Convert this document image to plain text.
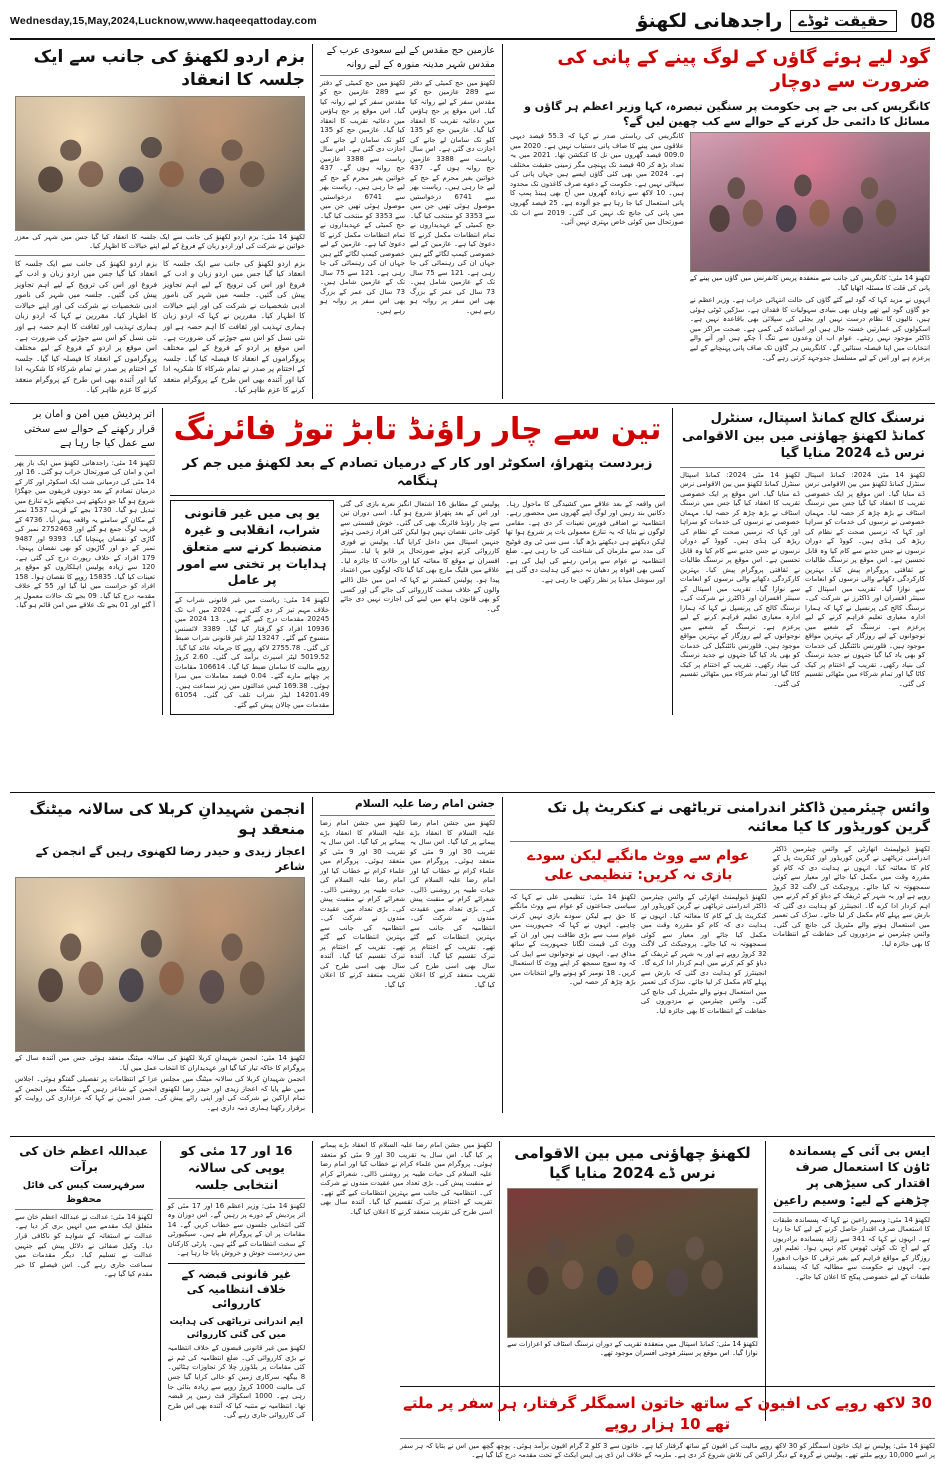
Wednesday,15,May,2024,Lucknow,www.haqeeqattoday.com	08
حقیقت ٹوڈے
راجدھانی لکھنؤ
بزم اردو لکھنؤ کی جانب سے ایک جلسہ کا انعقاد
لکھنؤ 14 مئی: بزم اردو لکھنؤ کی جانب سے ایک جلسہ کا انعقاد کیا گیا جس میں شہر کی معزز خواتین نے شرکت کی اور اردو زبان کے فروغ کے لیے اپنے خیالات کا اظہار کیا۔
بزم اردو لکھنؤ کی جانب سے ایک جلسہ کا انعقاد کیا گیا جس میں اردو زبان و ادب کے فروغ اور اس کی ترویج کے لیے اہم تجاویز پیش کی گئیں۔ جلسہ میں شہر کی نامور ادبی شخصیات نے شرکت کی اور اپنے خیالات کا اظہار کیا۔ مقررین نے کہا کہ اردو زبان ہماری تہذیب اور ثقافت کا اہم حصہ ہے اور نئی نسل کو اس سے جوڑنے کی ضرورت ہے۔ اس موقع پر اردو کے فروغ کے لیے مختلف پروگراموں کے انعقاد کا فیصلہ کیا گیا۔ جلسہ کے اختتام پر صدر نے تمام شرکاء کا شکریہ ادا کیا اور آئندہ بھی اس طرح کے پروگرام منعقد کرنے کا عزم ظاہر کیا۔
بزم اردو لکھنؤ کی جانب سے ایک جلسہ کا انعقاد کیا گیا جس میں اردو زبان و ادب کے فروغ اور اس کی ترویج کے لیے اہم تجاویز پیش کی گئیں۔ جلسہ میں شہر کی نامور ادبی شخصیات نے شرکت کی اور اپنے خیالات کا اظہار کیا۔ مقررین نے کہا کہ اردو زبان ہماری تہذیب اور ثقافت کا اہم حصہ ہے اور نئی نسل کو اس سے جوڑنے کی ضرورت ہے۔ اس موقع پر اردو کے فروغ کے لیے مختلف پروگراموں کے انعقاد کا فیصلہ کیا گیا۔ جلسہ کے اختتام پر صدر نے تمام شرکاء کا شکریہ ادا کیا اور آئندہ بھی اس طرح کے پروگرام منعقد کرنے کا عزم ظاہر کیا۔
عازمین حج مقدس کے لیے سعودی عرب کے مقدس شہر مدینہ منورہ کے لیے روانہ
لکھنؤ میں حج کمیٹی کے دفتر سے 289 عازمین حج کو مقدس سفر کے لیے روانہ کیا گیا۔ اس موقع پر حج ہاؤس میں دعائیہ تقریب کا انعقاد کیا گیا۔ عازمین حج کو 135 کلو تک سامان لے جانے کی اجازت دی گئی ہے۔ اس سال ریاست سے 3388 عازمین حج روانہ ہوں گے۔ 437 خواتین بغیر محرم کے حج کے لیے جا رہی ہیں۔ ریاست بھر سے 6741 درخواستیں موصول ہوئی تھیں جن میں سے 3353 کو منتخب کیا گیا۔ حج کمیٹی کے عہدیداروں نے تمام انتظامات مکمل کرنے کا دعویٰ کیا ہے۔ عازمین کے لیے خصوصی کیمپ لگائے گئے ہیں جہاں ان کی رہنمائی کی جا رہی ہے۔ 121 سے 75 سال تک کے عازمین شامل ہیں۔ 73 سال کی عمر کے بزرگ بھی اس سفر پر روانہ ہو رہے ہیں۔
لکھنؤ میں حج کمیٹی کے دفتر سے 289 عازمین حج کو مقدس سفر کے لیے روانہ کیا گیا۔ اس موقع پر حج ہاؤس میں دعائیہ تقریب کا انعقاد کیا گیا۔ عازمین حج کو 135 کلو تک سامان لے جانے کی اجازت دی گئی ہے۔ اس سال ریاست سے 3388 عازمین حج روانہ ہوں گے۔ 437 خواتین بغیر محرم کے حج کے لیے جا رہی ہیں۔ ریاست بھر سے 6741 درخواستیں موصول ہوئی تھیں جن میں سے 3353 کو منتخب کیا گیا۔ حج کمیٹی کے عہدیداروں نے تمام انتظامات مکمل کرنے کا دعویٰ کیا ہے۔ عازمین کے لیے خصوصی کیمپ لگائے گئے ہیں جہاں ان کی رہنمائی کی جا رہی ہے۔ 121 سے 75 سال تک کے عازمین شامل ہیں۔ 73 سال کی عمر کے بزرگ بھی اس سفر پر روانہ ہو رہے ہیں۔
گود لیے ہوئے گاؤں کے لوگ پینے کے پانی کی ضرورت سے دوچار
کانگریس کی بی جے پی حکومت پر سنگین تبصرہ، کہا وزیر اعظم ہر گاؤں و مسائل کا دائمی حل کرنے کے حوالے سے کب چھین لیں گے؟
کانگریس کی ریاستی صدر نے کہا کہ 55.3 فیصد دیہی علاقوں میں پینے کا صاف پانی دستیاب نہیں ہے۔ 2020 میں 009.0 فیصد گھروں میں نل کا کنکشن تھا۔ 2021 میں یہ تعداد بڑھ کر 40 فیصد تک پہنچی مگر زمینی حقیقت مختلف ہے۔ 2024 میں بھی کئی گاؤں ایسے ہیں جہاں پانی کی سپلائی نہیں ہے۔ حکومت کے دعوے صرف کاغذوں تک محدود ہیں۔ 10 لاکھ سے زیادہ گھروں میں آج بھی ہینڈ پمپ کا پانی استعمال کیا جا رہا ہے جو آلودہ ہے۔ 25 فیصد گھروں میں پانی کی جانچ تک نہیں کی گئی۔ 2019 سے اب تک صورتحال میں کوئی خاص بہتری نہیں آئی۔
لکھنؤ 14 مئی: کانگریس کی جانب سے منعقدہ پریس کانفرنس میں گاؤں میں پینے کے پانی کی قلت کا مسئلہ اٹھایا گیا۔
انہوں نے مزید کہا کہ گود لیے گئے گاؤں کی حالت انتہائی خراب ہے۔ وزیر اعظم نے جو گاؤں گود لیے تھے وہاں بھی بنیادی سہولیات کا فقدان ہے۔ سڑکیں ٹوٹی ہوئی ہیں، نالیوں کا نظام درست نہیں اور بجلی کی سپلائی بھی باقاعدہ نہیں ہے۔ اسکولوں کی عمارتیں خستہ حال ہیں اور اساتذہ کی کمی ہے۔ صحت مراکز میں ڈاکٹر موجود نہیں رہتے۔ عوام اب ان وعدوں سے تنگ آ چکے ہیں اور آنے والے انتخابات میں اپنا فیصلہ سنائیں گے۔ کانگریس ہر گاؤں تک صاف پانی پہنچانے کے لیے پرعزم ہے اور اس کے لیے مسلسل جدوجہد کرتی رہے گی۔
اتر پردیش میں امن و امان بر قرار رکھنے کے حوالے سے سختی سے عمل کیا جا رہا ہے
لکھنؤ 14 مئی: راجدھانی لکھنؤ میں ایک بار پھر امن و امان کی صورتحال خراب ہو گئی۔ 16 اور 14 مئی کی درمیانی شب ایک اسکوٹر اور کار کے درمیان تصادم کے بعد دونوں فریقوں میں جھگڑا شروع ہو گیا جو دیکھتے ہی دیکھتے بڑے تنازع میں تبدیل ہو گیا۔ 1730 بجے کے قریب 1537 نمبر کے مکان کے سامنے یہ واقعہ پیش آیا۔ 4736 کے قریب لوگ جمع ہو گئے اور 2752463 نمبر کی گاڑی کو نقصان پہنچایا گیا۔ 9393 اور 9487 نمبر کے دو اور گاڑیوں کو بھی نقصان پہنچا۔ 179 افراد کے خلاف رپورٹ درج کی گئی ہے۔ 120 سے زیادہ پولیس اہلکاروں کو موقع پر تعینات کیا گیا۔ 15835 روپے کا نقصان ہوا۔ 158 افراد کو حراست میں لیا گیا اور 55 کے خلاف مقدمہ درج کیا گیا۔ 09 بجے تک حالات معمول پر آ گئے اور 01 بجے تک علاقے میں امن قائم ہو گیا۔
تین سے چار راؤنڈ تابڑ توڑ فائرنگ
زبردست پتھراؤ، اسکوٹر اور کار کے درمیان تصادم کے بعد لکھنؤ میں جم کر ہنگامہ
یو پی میں غیر قانونی شراب، انقلابی و غیرہ منضبط کرنے سے متعلق ہدایات پر تختی سے امور پر عامل
لکھنؤ 14 مئی: ریاست میں غیر قانونی شراب کے خلاف مہم تیز کر دی گئی ہے۔ 2024 میں اب تک 20245 مقدمات درج کیے گئے ہیں۔ 13 2024 میں 10936 افراد کو گرفتار کیا گیا۔ 3389 لائسنس منسوخ کیے گئے۔ 13247 لیٹر غیر قانونی شراب ضبط کی گئی۔ 2755.78 لاکھ روپے کا جرمانہ عائد کیا گیا۔ 5019.52 لیٹر اسپرٹ برآمد کی گئی۔ 2.60 کروڑ روپے مالیت کا سامان ضبط کیا گیا۔ 106614 مقامات پر چھاپے مارے گئے۔ 0.04 فیصد معاملات میں سزا ہوئی۔ 169.38 کیس عدالتوں میں زیر سماعت ہیں۔ 14201.49 لیٹر شراب تلف کی گئی۔ 61054 مقدمات میں چالان پیش کیے گئے۔
پولیس کے مطابق 16 اشتعال انگیز نعرے بازی کی گئی اور اس کے بعد پتھراؤ شروع ہو گیا۔ اسی دوران تین سے چار راؤنڈ فائرنگ بھی کی گئی۔ خوش قسمتی سے کوئی جانی نقصان نہیں ہوا لیکن کئی افراد زخمی ہوئے جنہیں اسپتال میں داخل کرایا گیا۔ پولیس نے فوری کارروائی کرتے ہوئے صورتحال پر قابو پا لیا۔ سینئر افسران نے موقع کا معائنہ کیا اور حالات کا جائزہ لیا۔ علاقے میں فلیگ مارچ بھی کیا گیا تاکہ لوگوں میں اعتماد پیدا ہو۔ پولیس کمشنر نے کہا کہ امن میں خلل ڈالنے والوں کے خلاف سخت کارروائی کی جائے گی اور کسی کو بھی قانون ہاتھ میں لینے کی اجازت نہیں دی جائے گی۔
اس واقعہ کے بعد علاقے میں کشیدگی کا ماحول رہا۔ دکانیں بند رہیں اور لوگ اپنے گھروں میں محصور رہے۔ انتظامیہ نے اضافی فورس تعینات کر دی ہے۔ مقامی لوگوں نے بتایا کہ یہ تنازع معمولی بات پر شروع ہوا تھا لیکن دیکھتے ہی دیکھتے بڑھ گیا۔ سی سی ٹی وی فوٹیج کی مدد سے ملزمان کی شناخت کی جا رہی ہے۔ ضلع انتظامیہ نے عوام سے پرامن رہنے کی اپیل کی ہے۔ کسی بھی افواہ پر دھیان نہ دینے کی ہدایت دی گئی ہے اور سوشل میڈیا پر نظر رکھی جا رہی ہے۔
نرسنگ کالج کمانڈ اسپتال، سنٹرل کمانڈ لکھنؤ چھاؤنی میں بین الاقوامی نرس ڈے 2024 منایا گیا
لکھنؤ 14 مئی 2024: کمانڈ اسپتال سنٹرل کمانڈ لکھنؤ میں بین الاقوامی نرس ڈے منایا گیا۔ اس موقع پر ایک خصوصی تقریب کا انعقاد کیا گیا جس میں نرسنگ اسٹاف نے بڑھ چڑھ کر حصہ لیا۔ مہمان خصوصی نے نرسوں کی خدمات کو سراہا اور کہا کہ نرسیں صحت کے نظام کی ریڑھ کی ہڈی ہیں۔ کووڈ کے دوران نرسوں نے جس جذبے سے کام کیا وہ قابل تحسین ہے۔ اس موقع پر نرسنگ طالبات نے ثقافتی پروگرام پیش کیا۔ بہترین کارکردگی دکھانے والی نرسوں کو انعامات سے نوازا گیا۔ تقریب میں اسپتال کے سینئر افسران اور ڈاکٹرز نے شرکت کی۔ نرسنگ کالج کی پرنسپل نے کہا کہ ہمارا ادارہ معیاری تعلیم فراہم کرنے کے لیے پرعزم ہے۔ نرسنگ کے شعبے میں نوجوانوں کے لیے روزگار کے بہترین مواقع موجود ہیں۔ فلورنس نائٹنگیل کی خدمات کو بھی یاد کیا گیا جنہوں نے جدید نرسنگ کی بنیاد رکھی۔ تقریب کے اختتام پر کیک کاٹا گیا اور تمام شرکاء میں مٹھائی تقسیم کی گئی۔
لکھنؤ 14 مئی 2024: کمانڈ اسپتال سنٹرل کمانڈ لکھنؤ میں بین الاقوامی نرس ڈے منایا گیا۔ اس موقع پر ایک خصوصی تقریب کا انعقاد کیا گیا جس میں نرسنگ اسٹاف نے بڑھ چڑھ کر حصہ لیا۔ مہمان خصوصی نے نرسوں کی خدمات کو سراہا اور کہا کہ نرسیں صحت کے نظام کی ریڑھ کی ہڈی ہیں۔ کووڈ کے دوران نرسوں نے جس جذبے سے کام کیا وہ قابل تحسین ہے۔ اس موقع پر نرسنگ طالبات نے ثقافتی پروگرام پیش کیا۔ بہترین کارکردگی دکھانے والی نرسوں کو انعامات سے نوازا گیا۔ تقریب میں اسپتال کے سینئر افسران اور ڈاکٹرز نے شرکت کی۔ نرسنگ کالج کی پرنسپل نے کہا کہ ہمارا ادارہ معیاری تعلیم فراہم کرنے کے لیے پرعزم ہے۔ نرسنگ کے شعبے میں نوجوانوں کے لیے روزگار کے بہترین مواقع موجود ہیں۔ فلورنس نائٹنگیل کی خدمات کو بھی یاد کیا گیا جنہوں نے جدید نرسنگ کی بنیاد رکھی۔ تقریب کے اختتام پر کیک کاٹا گیا اور تمام شرکاء میں مٹھائی تقسیم کی گئی۔
انجمن شہیدانِ کربلا کی سالانہ میٹنگ منعقد ہو
اعجاز زیدی و حیدر رضا لکھنوی رہیں گے انجمن کے شاعر
لکھنؤ 14 مئی: انجمن شہیدانِ کربلا لکھنؤ کی سالانہ میٹنگ منعقد ہوئی جس میں آئندہ سال کے پروگرام کا خاکہ تیار کیا گیا اور عہدیداران کا انتخاب عمل میں آیا۔
انجمن شہیدانِ کربلا کی سالانہ میٹنگ میں مجلس عزا کے انتظامات پر تفصیلی گفتگو ہوئی۔ اجلاس میں طے پایا کہ اعجاز زیدی اور حیدر رضا لکھنوی انجمن کے شاعر رہیں گے۔ میٹنگ میں انجمن کے تمام اراکین نے شرکت کی اور اپنی رائے پیش کی۔ صدر انجمن نے کہا کہ عزاداری کی روایت کو برقرار رکھنا ہماری ذمہ داری ہے۔
جشن امام رضا علیہ السلام
لکھنؤ میں جشن امام رضا علیہ السلام کا انعقاد بڑے پیمانے پر کیا گیا۔ اس سال یہ تقریب 30 اور 9 مئی کو منعقد ہوئی۔ پروگرام میں علماء کرام نے خطاب کیا اور امام رضا علیہ السلام کی حیات طیبہ پر روشنی ڈالی۔ شعرائے کرام نے منقبت پیش کی۔ بڑی تعداد میں عقیدت مندوں نے شرکت کی۔ انتظامیہ کی جانب سے بہترین انتظامات کیے گئے تھے۔ تقریب کے اختتام پر تبرک تقسیم کیا گیا۔ آئندہ سال بھی اسی طرح کی تقریب منعقد کرنے کا اعلان کیا گیا۔
لکھنؤ میں جشن امام رضا علیہ السلام کا انعقاد بڑے پیمانے پر کیا گیا۔ اس سال یہ تقریب 30 اور 9 مئی کو منعقد ہوئی۔ پروگرام میں علماء کرام نے خطاب کیا اور امام رضا علیہ السلام کی حیات طیبہ پر روشنی ڈالی۔ شعرائے کرام نے منقبت پیش کی۔ بڑی تعداد میں عقیدت مندوں نے شرکت کی۔ انتظامیہ کی جانب سے بہترین انتظامات کیے گئے تھے۔ تقریب کے اختتام پر تبرک تقسیم کیا گیا۔ آئندہ سال بھی اسی طرح کی تقریب منعقد کرنے کا اعلان کیا گیا۔
وائس چیئرمین ڈاکٹر اندرامنی تریاٹھی نے کنکریٹ پل تک گرین کوریڈور کا کیا معائنہ
عوام سے ووٹ مانگیے لیکن سودے بازی نہ کریں: تنظیمی علی
لکھنؤ 14 مئی: تنظیمی علی نے کہا کہ سیاسی جماعتوں کو عوام سے ووٹ مانگنے کا حق ہے لیکن سودے بازی نہیں کرنی چاہیے۔ انہوں نے کہا کہ جمہوریت میں عوام سب سے بڑی طاقت ہیں اور ان کے ووٹ کی قیمت لگانا جمہوریت کے ساتھ مذاق ہے۔ انہوں نے نوجوانوں سے اپیل کی کہ وہ سوچ سمجھ کر اپنے ووٹ کا استعمال کریں۔ 18 نومبر کو ہونے والے انتخابات میں بڑھ چڑھ کر حصہ لیں۔
لکھنؤ ڈیولپمنٹ اتھارٹی کے وائس چیئرمین ڈاکٹر اندرامنی تریاٹھی نے گرین کوریڈور اور کنکریٹ پل کے کام کا معائنہ کیا۔ انہوں نے ہدایت دی کہ کام کو مقررہ وقت میں مکمل کیا جائے اور معیار سے کوئی سمجھوتہ نہ کیا جائے۔ پروجیکٹ کی لاگت 32 کروڑ روپے ہے اور یہ شہر کے ٹریفک کے دباؤ کو کم کرنے میں اہم کردار ادا کرے گا۔ انجینئرز کو ہدایت دی گئی کہ بارش سے پہلے کام مکمل کر لیا جائے۔ سڑک کی تعمیر میں استعمال ہونے والے مٹیریل کی جانچ کی گئی۔ وائس چیئرمین نے مزدوروں کی حفاظت کے انتظامات کا بھی جائزہ لیا۔
لکھنؤ ڈیولپمنٹ اتھارٹی کے وائس چیئرمین ڈاکٹر اندرامنی تریاٹھی نے گرین کوریڈور اور کنکریٹ پل کے کام کا معائنہ کیا۔ انہوں نے ہدایت دی کہ کام کو مقررہ وقت میں مکمل کیا جائے اور معیار سے کوئی سمجھوتہ نہ کیا جائے۔ پروجیکٹ کی لاگت 32 کروڑ روپے ہے اور یہ شہر کے ٹریفک کے دباؤ کو کم کرنے میں اہم کردار ادا کرے گا۔ انجینئرز کو ہدایت دی گئی کہ بارش سے پہلے کام مکمل کر لیا جائے۔ سڑک کی تعمیر میں استعمال ہونے والے مٹیریل کی جانچ کی گئی۔ وائس چیئرمین نے مزدوروں کی حفاظت کے انتظامات کا بھی جائزہ لیا۔
عبداللہ اعظم خان کی برآت
سرفہرست کیس کی فائل محفوظ
لکھنؤ 14 مئی: عدالت نے عبداللہ اعظم خان سے متعلق ایک مقدمے میں انہیں بری کر دیا ہے۔ عدالت نے استغاثہ کے شواہد کو ناکافی قرار دیا۔ وکیل صفائی نے دلائل پیش کیے جنہیں عدالت نے تسلیم کیا۔ دیگر مقدمات میں سماعت جاری رہے گی۔ اس فیصلے کا خیر مقدم کیا گیا ہے۔
16 اور 17 مئی کو یوپی کی سالانہ انتخابی جلسہ
لکھنؤ 14 مئی: وزیر اعظم 16 اور 17 مئی کو اتر پردیش کے دورے پر رہیں گے۔ اس دوران وہ کئی انتخابی جلسوں سے خطاب کریں گے۔ 14 مقامات پر ان کے پروگرام طے ہیں۔ سیکیورٹی کے سخت انتظامات کیے گئے ہیں۔ پارٹی کارکنان میں زبردست جوش و خروش پایا جا رہا ہے۔
غیر قانونی قبضہ کے خلاف انتظامیہ کی کارروائی
ایم اندرانی تریاٹھی کی ہدایت میں کی گئی کارروائی
لکھنؤ میں غیر قانونی قبضوں کے خلاف انتظامیہ نے بڑی کارروائی کی۔ ضلع انتظامیہ کی ٹیم نے کئی مقامات پر بلڈوزر چلا کر تجاوزات ہٹائیں۔ 8 بیگھہ سرکاری زمین کو خالی کرایا گیا جس کی مالیت 1000 کروڑ روپے سے زیادہ بتائی جا رہی ہے۔ 1000 اسکوائر فٹ زمین پر قبضہ تھا۔ انتظامیہ نے متنبہ کیا کہ آئندہ بھی اس طرح کی کارروائی جاری رہے گی۔
لکھنؤ میں جشن امام رضا علیہ السلام کا انعقاد بڑے پیمانے پر کیا گیا۔ اس سال یہ تقریب 30 اور 9 مئی کو منعقد ہوئی۔ پروگرام میں علماء کرام نے خطاب کیا اور امام رضا علیہ السلام کی حیات طیبہ پر روشنی ڈالی۔ شعرائے کرام نے منقبت پیش کی۔ بڑی تعداد میں عقیدت مندوں نے شرکت کی۔ انتظامیہ کی جانب سے بہترین انتظامات کیے گئے تھے۔ تقریب کے اختتام پر تبرک تقسیم کیا گیا۔ آئندہ سال بھی اسی طرح کی تقریب منعقد کرنے کا اعلان کیا گیا۔
لکھنؤ چھاؤنی میں بین الاقوامی نرس ڈے 2024 منایا گیا
لکھنؤ 14 مئی: کمانڈ اسپتال میں منعقدہ تقریب کے دوران نرسنگ اسٹاف کو اعزازات سے نوازا گیا۔ اس موقع پر سینئر فوجی افسران موجود تھے۔
ایس بی آئی کے پسماندہ ٹاؤن کا استعمال صرف اقتدار کی سیڑھی پر چڑھنے کے لیے: وسیم راعین
لکھنؤ 14 مئی: وسیم راعین نے کہا کہ پسماندہ طبقات کا استعمال صرف اقتدار حاصل کرنے کے لیے کیا جا رہا ہے۔ انہوں نے کہا کہ 341 سے زائد پسماندہ برادریوں کے لیے آج تک کوئی ٹھوس کام نہیں ہوا۔ تعلیم اور روزگار کے مواقع فراہم کیے بغیر ترقی کا خواب ادھورا ہے۔ انہوں نے حکومت سے مطالبہ کیا کہ پسماندہ طبقات کے لیے خصوصی پیکج کا اعلان کیا جائے۔
30 لاکھ روپے کی افیون کے ساتھ خاتون اسمگلر گرفتار، ہر سفر پر ملتے تھے 10 ہزار روپے
لکھنؤ 14 مئی: پولیس نے ایک خاتون اسمگلر کو 30 لاکھ روپے مالیت کی افیون کے ساتھ گرفتار کیا ہے۔ خاتون سے 3 کلو 2 گرام افیون برآمد ہوئی۔ پوچھ گچھ میں اس نے بتایا کہ ہر سفر پر اسے 10,000 روپے ملتے تھے۔ پولیس نے گروہ کے دیگر اراکین کی تلاش شروع کر دی ہے۔ ملزمہ کے خلاف این ڈی پی ایس ایکٹ کے تحت مقدمہ درج کیا گیا ہے۔
